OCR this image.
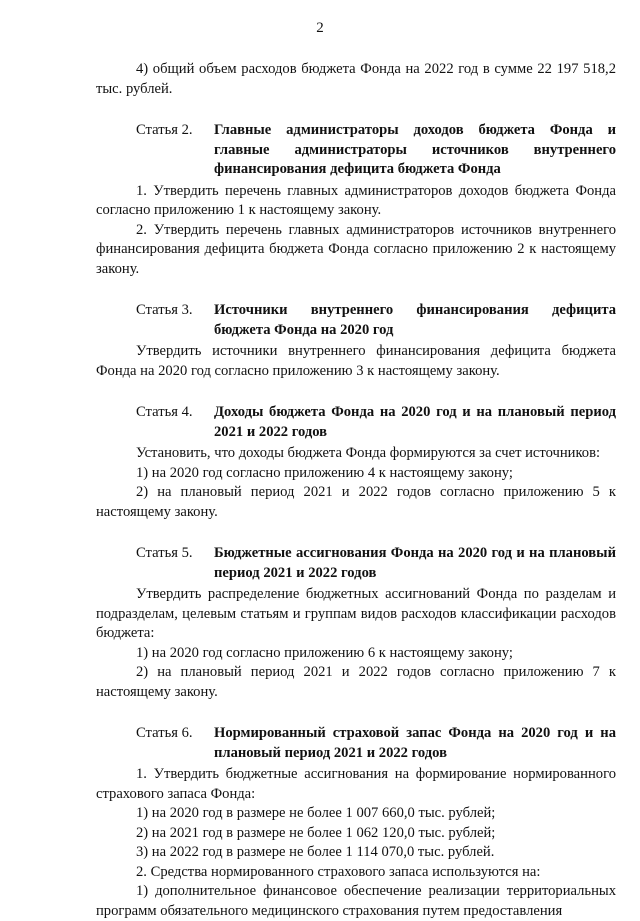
2

4) общий объем расходов бюджета Фонда на 2022 год в сумме 22 197 518,2 тыс. рублей.

Статья 2.	Главные администраторы доходов бюджета Фонда и главные администраторы источников внутреннего финансирования дефицита бюджета Фонда

1. Утвердить перечень главных администраторов доходов бюджета Фонда согласно приложению 1 к настоящему закону.

2. Утвердить перечень главных администраторов источников внутреннего финансирования дефицита бюджета Фонда согласно приложению 2 к настоящему закону.

Статья 3.	Источники внутреннего финансирования дефицита бюджета Фонда на 2020 год

Утвердить источники внутреннего финансирования дефицита бюджета Фонда на 2020 год согласно приложению 3 к настоящему закону.

Статья 4.	Доходы бюджета Фонда на 2020 год и на плановый период 2021 и 2022 годов

Установить, что доходы бюджета Фонда формируются за счет источников:

1) на 2020 год согласно приложению 4 к настоящему закону;

2) на плановый период 2021 и 2022 годов согласно приложению 5 к настоящему закону.

Статья 5.	Бюджетные ассигнования Фонда на 2020 год и на плановый период 2021 и 2022 годов

Утвердить распределение бюджетных ассигнований Фонда по разделам и подразделам, целевым статьям и группам видов расходов классификации расходов бюджета:

1) на 2020 год согласно приложению 6 к настоящему закону;

2) на плановый период 2021 и 2022 годов согласно приложению 7 к настоящему закону.

Статья 6.	Нормированный страховой запас Фонда на 2020 год и на плановый период 2021 и 2022 годов

1. Утвердить бюджетные ассигнования на формирование нормированного страхового запаса Фонда:

1) на 2020 год в размере не более 1 007 660,0 тыс. рублей;

2) на 2021 год в размере не более 1 062 120,0 тыс. рублей;

3) на 2022 год в размере не более 1 114 070,0 тыс. рублей.

2. Средства нормированного страхового запаса используются на:

1) дополнительное финансовое обеспечение реализации территориальных программ обязательного медицинского страхования путем предоставления
